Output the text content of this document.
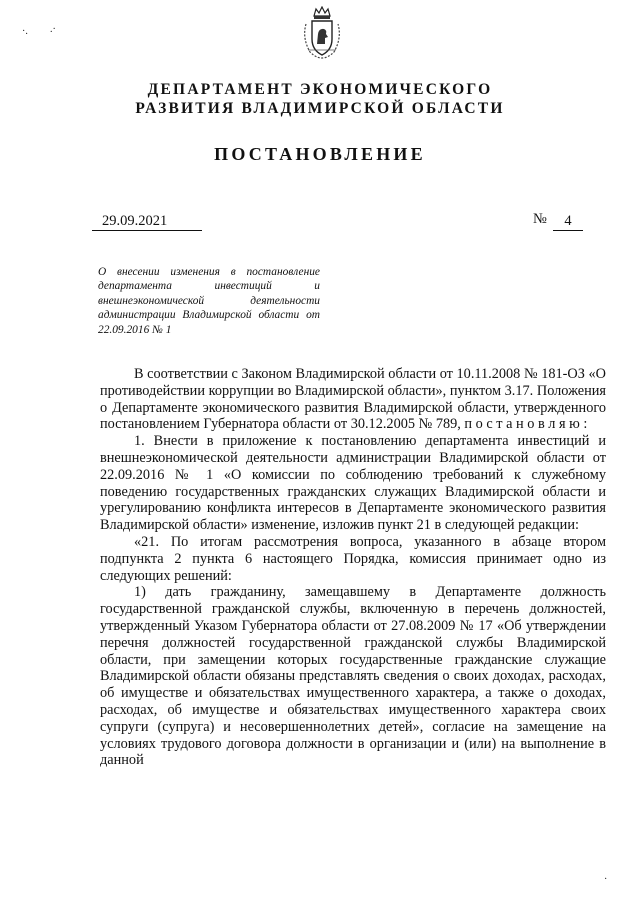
·. .·
·
ДЕПАРТАМЕНТ ЭКОНОМИЧЕСКОГО
РАЗВИТИЯ ВЛАДИМИРСКОЙ ОБЛАСТИ
ПОСТАНОВЛЕНИЕ
29.09.2021	№	4
О внесении изменения в постановление департамента инвестиций и внешнеэкономической деятельности администрации Владимирской области от 22.09.2016 № 1

В соответствии с Законом Владимирской области от 10.11.2008 № 181-ОЗ «О противодействии коррупции во Владимирской области», пунктом 3.17. Положения о Департаменте экономического развития Владимирской области, утвержденного постановлением Губернатора области от 30.12.2005 № 789, п о с т а н о в л я ю :

1. Внести в приложение к постановлению департамента инвестиций и внешнеэкономической деятельности администрации Владимирской области от 22.09.2016 № 1 «О комиссии по соблюдению требований к служебному поведению государственных гражданских служащих Владимирской области и урегулированию конфликта интересов в Департаменте экономического развития Владимирской области» изменение, изложив пункт 21 в следующей редакции:

«21. По итогам рассмотрения вопроса, указанного в абзаце втором подпункта 2 пункта 6 настоящего Порядка, комиссия принимает одно из следующих решений:

1) дать гражданину, замещавшему в Департаменте должность государственной гражданской службы, включенную в перечень должностей, утвержденный Указом Губернатора области от 27.08.2009 № 17 «Об утверждении перечня должностей государственной гражданской службы Владимирской области, при замещении которых государственные гражданские служащие Владимирской области обязаны представлять сведения о своих доходах, расходах, об имуществе и обязательствах имущественного характера, а также о доходах, расходах, об имуществе и обязательствах имущественного характера своих супруги (супруга) и несовершеннолетних детей», согласие на замещение на условиях трудового договора должности в организации и (или) на выполнение в данной
